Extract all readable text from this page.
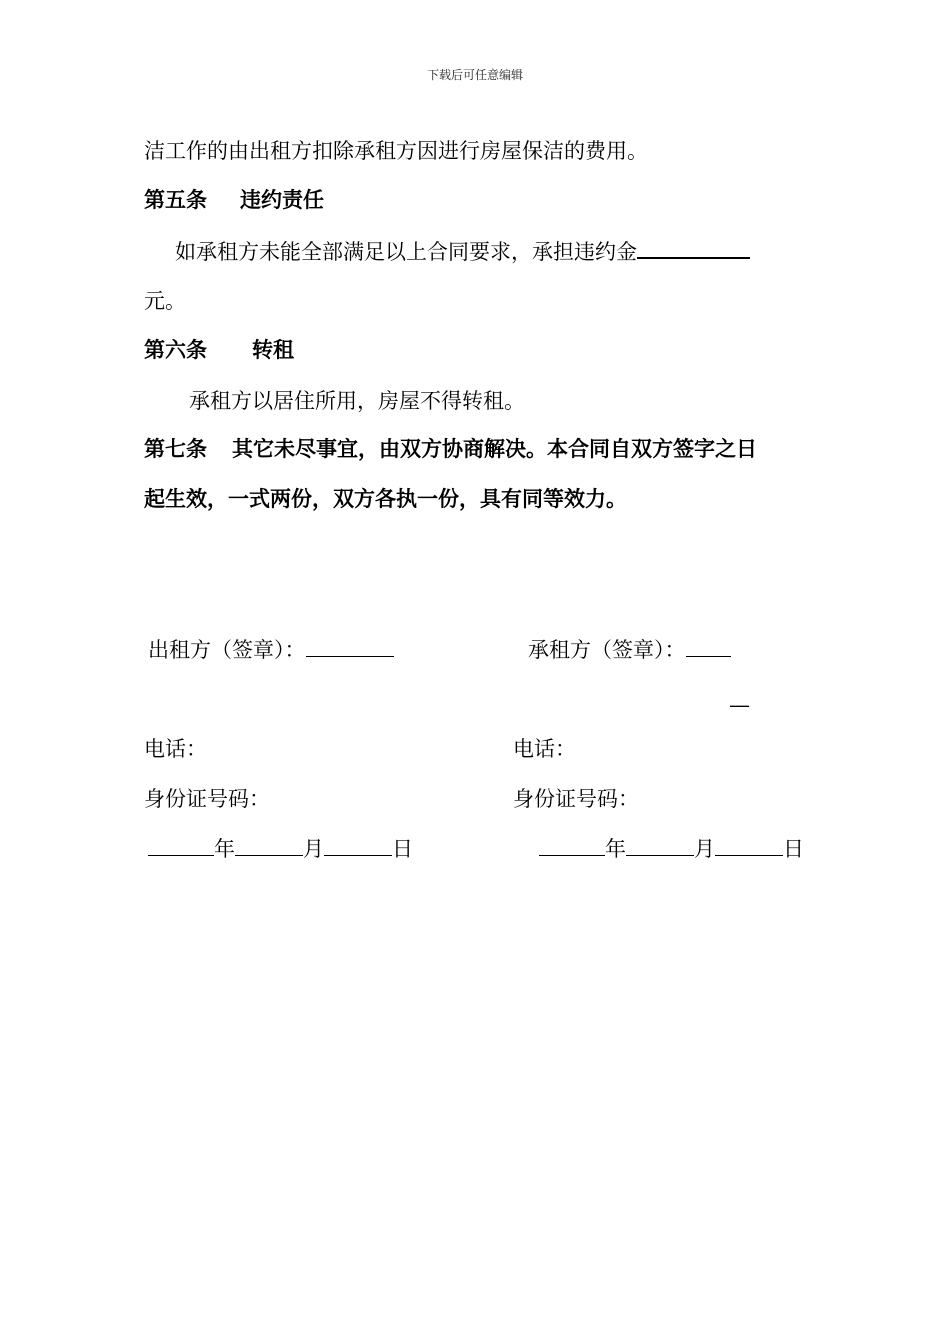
下载后可任意编辑
洁工作的由出租方扣除承租方因进行房屋保洁的费用。
第五条 违约责任
如承租方未能全部满足以上合同要求，承担违约金
元。
第六条 转租
承租方以居住所用，房屋不得转租。
第七条 其它未尽事宜，由双方协商解决。本合同自双方签字之日
起生效，一式两份，双方各执一份，具有同等效力。
出租方（签章）：	承租方（签章）：
—
电话：	电话：
身份证号码：	身份证号码：
年	月	日	年	月	日
